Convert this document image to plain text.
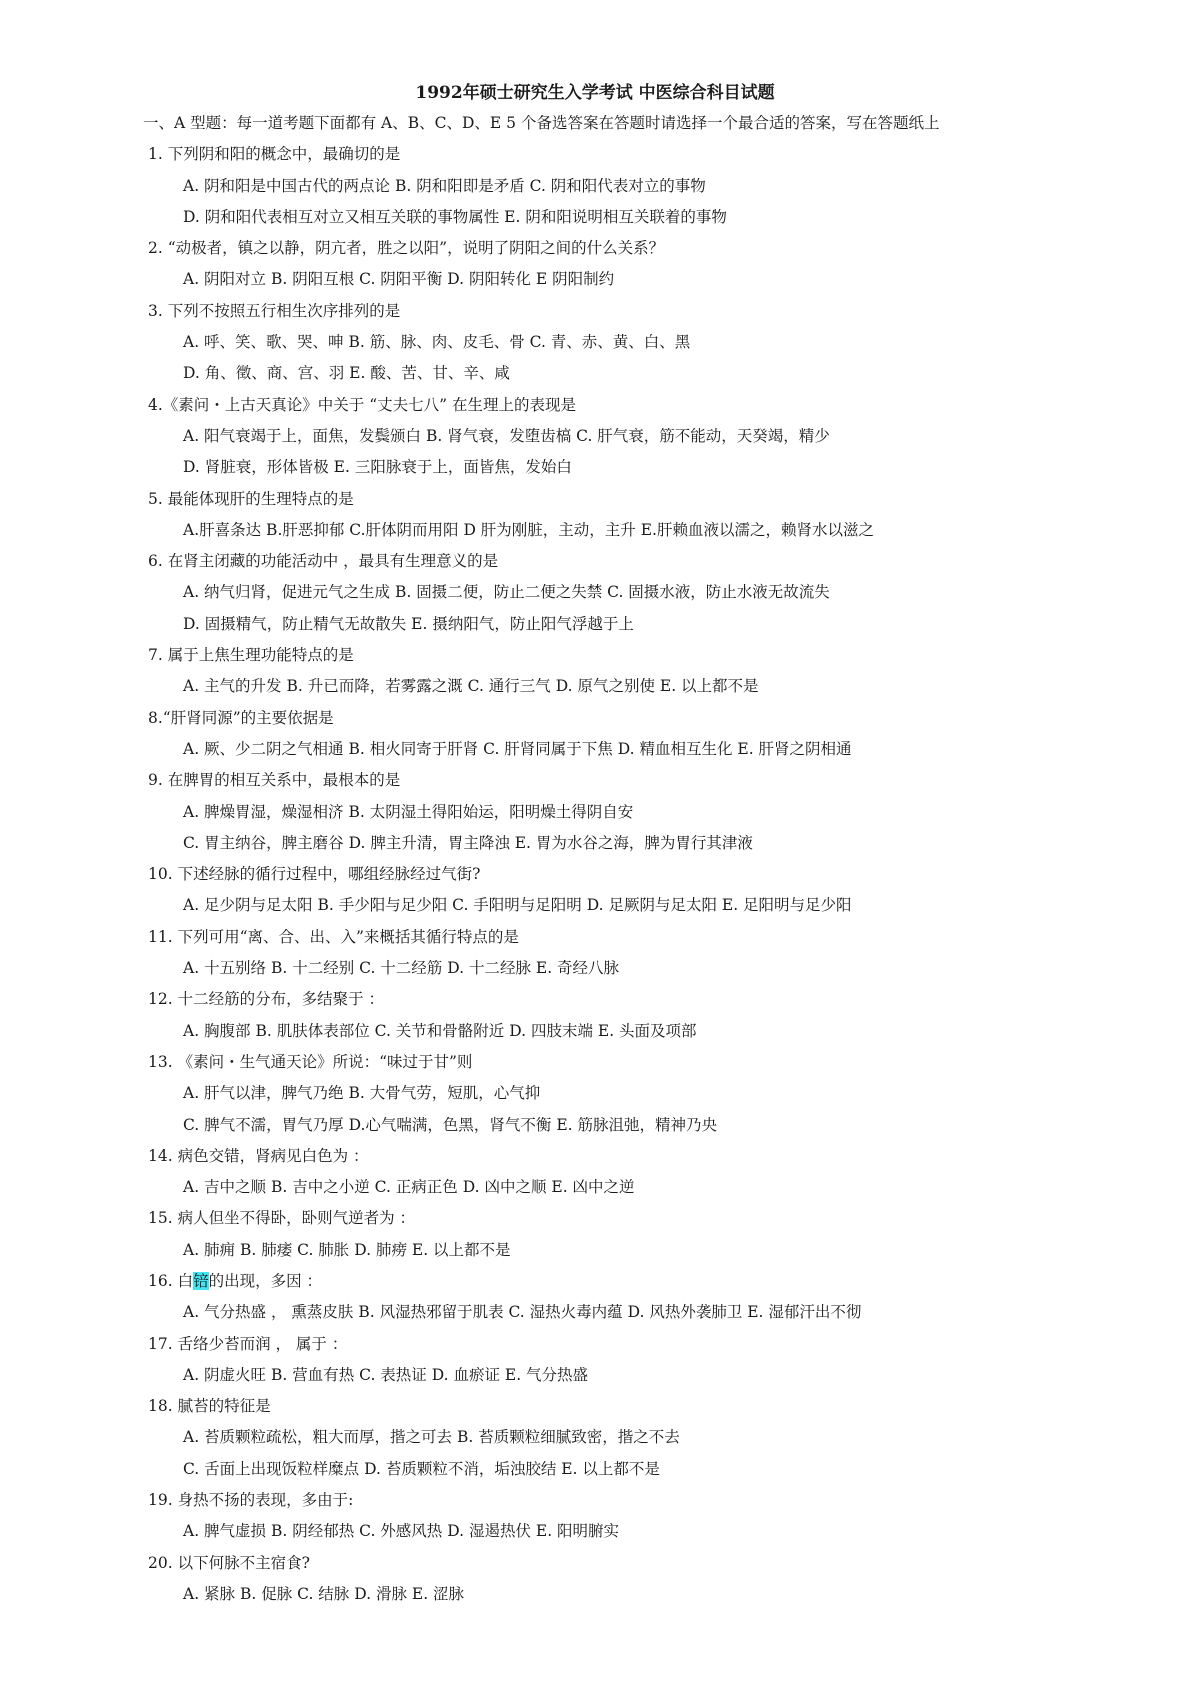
1992年硕士研究生入学考试 中医综合科目试题
一、A 型题：每一道考题下面都有 A、B、C、D、E 5 个备选答案在答题时请选择一个最合适的答案，写在答题纸上
1. 下列阴和阳的概念中，最确切的是
A. 阴和阳是中国古代的两点论 B. 阴和阳即是矛盾 C. 阴和阳代表对立的事物
D. 阴和阳代表相互对立又相互关联的事物属性 E. 阴和阳说明相互关联着的事物
2. “动极者，镇之以静，阴亢者，胜之以阳”，说明了阴阳之间的什么关系？
A. 阴阳对立 B. 阴阳互根 C. 阴阳平衡 D. 阴阳转化 E 阴阳制约
3. 下列不按照五行相生次序排列的是
A. 呼、笑、歌、哭、呻 B. 筋、脉、肉、皮毛、骨 C. 青、赤、黄、白、黑
D. 角、徵、商、宫、羽 E. 酸、苦、甘、辛、咸
4.《素问・上古天真论》中关于 “丈夫七八” 在生理上的表现是
A. 阳气衰竭于上，面焦，发鬓颁白 B. 肾气衰，发堕齿槁 C. 肝气衰，筋不能动，天癸竭，精少
D. 肾脏衰，形体皆极 E. 三阳脉衰于上，面皆焦，发始白
5. 最能体现肝的生理特点的是
A.肝喜条达 B.肝恶抑郁 C.肝体阴而用阳 D 肝为刚脏，主动，主升 E.肝赖血液以濡之，赖肾水以滋之
6. 在肾主闭藏的功能活动中 ，最具有生理意义的是
A. 纳气归肾，促进元气之生成 B. 固摄二便，防止二便之失禁 C. 固摄水液，防止水液无故流失
D. 固摄精气，防止精气无故散失 E. 摄纳阳气，防止阳气浮越于上
7. 属于上焦生理功能特点的是
A. 主气的升发 B. 升已而降，若雾露之溉 C. 通行三气 D. 原气之别使 E. 以上都不是
8.“肝肾同源”的主要依据是
A. 厥、少二阴之气相通 B. 相火同寄于肝肾 C. 肝肾同属于下焦 D. 精血相互生化 E. 肝肾之阴相通
9. 在脾胃的相互关系中，最根本的是
A. 脾燥胃湿，燥湿相济 B. 太阴湿土得阳始运，阳明燥土得阴自安
C. 胃主纳谷，脾主磨谷 D. 脾主升清，胃主降浊 E. 胃为水谷之海，脾为胃行其津液
10. 下述经脉的循行过程中，哪组经脉经过气街?
A. 足少阴与足太阳 B. 手少阳与足少阳 C. 手阳明与足阳明 D. 足厥阴与足太阳 E. 足阳明与足少阳
11. 下列可用“离、合、出、入”来概括其循行特点的是
A. 十五别络 B. 十二经别 C. 十二经筋 D. 十二经脉 E. 奇经八脉
12. 十二经筋的分布，多结聚于 ：
A. 胸腹部 B. 肌肤体表部位 C. 关节和骨骼附近 D. 四肢末端 E. 头面及项部
13. 《素问・生气通天论》所说：“味过于甘”则
A. 肝气以津，脾气乃绝 B. 大骨气劳，短肌，心气抑
C. 脾气不濡，胃气乃厚 D.心气喘满，色黑，肾气不衡 E. 筋脉沮弛，精神乃央
14. 病色交错，肾病见白色为 ：
A. 吉中之顺 B. 吉中之小逆 C. 正病正色 D. 凶中之顺 E. 凶中之逆
15. 病人但坐不得卧，卧则气逆者为 ：
A. 肺痈 B. 肺痿 C. 肺胀 D. 肺痨 E. 以上都不是
16. 白锫的出现，多因 ：
A. 气分热盛 ， 熏蒸皮肤 B. 风湿热邪留于肌表 C. 湿热火毒内蕴 D. 风热外袭肺卫 E. 湿郁汗出不彻
17. 舌络少苔而润 ， 属于 ：
A. 阴虚火旺 B. 营血有热 C. 表热证 D. 血瘀证 E. 气分热盛
18. 腻苔的特征是
A. 苔质颗粒疏松，粗大而厚，揩之可去 B. 苔质颗粒细腻致密，揩之不去
C. 舌面上出现饭粒样糜点 D. 苔质颗粒不消，垢浊胶结 E. 以上都不是
19. 身热不扬的表现，多由于:
A. 脾气虚损 B. 阴经郁热 C. 外感风热 D. 湿遏热伏 E. 阳明腑实
20. 以下何脉不主宿食?
A. 紧脉 B. 促脉 C. 结脉 D. 滑脉 E. 涩脉
